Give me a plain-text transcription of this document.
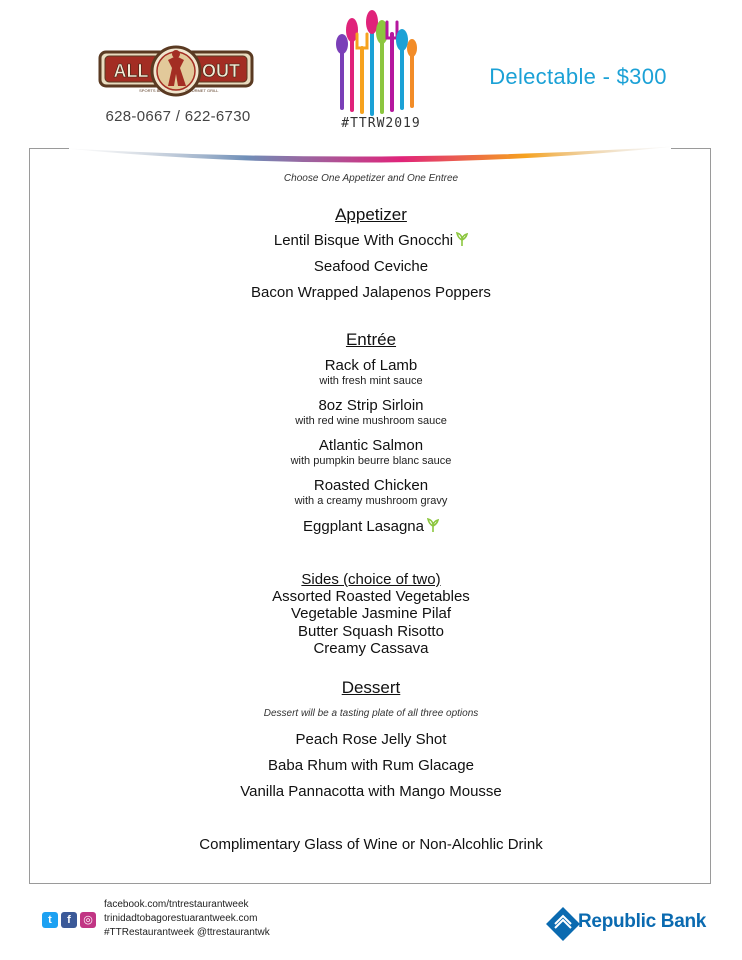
ALL	OUT
SPORTS BAR	GOURMET GRILL
628-0667 / 622-6730	#TTRW2019
Delectable - $300
Choose One Appetizer and One Entree
Appetizer
Lentil Bisque With Gnocchi
Seafood Ceviche
Bacon Wrapped Jalapenos Poppers
Entrée
Rack of Lamb
with fresh mint sauce
8oz Strip Sirloin
with red wine mushroom sauce
Atlantic Salmon
with pumpkin beurre blanc sauce
Roasted Chicken
with a creamy mushroom gravy
Eggplant Lasagna
Sides (choice of two)
Assorted Roasted Vegetables
Vegetable Jasmine Pilaf
Butter Squash Risotto
Creamy Cassava
Dessert
Dessert will be a tasting plate of all three options
Peach Rose Jelly Shot
Baba Rhum with Rum Glacage
Vanilla Pannacotta with Mango Mousse
Complimentary Glass of Wine or Non-Alcohlic Drink
t	f	◎
facebook.com/tntrestaurantweek
trinidadtobagorestuarantweek.com
#TTRestaurantweek @ttrestaurantwk
Republic Bank
